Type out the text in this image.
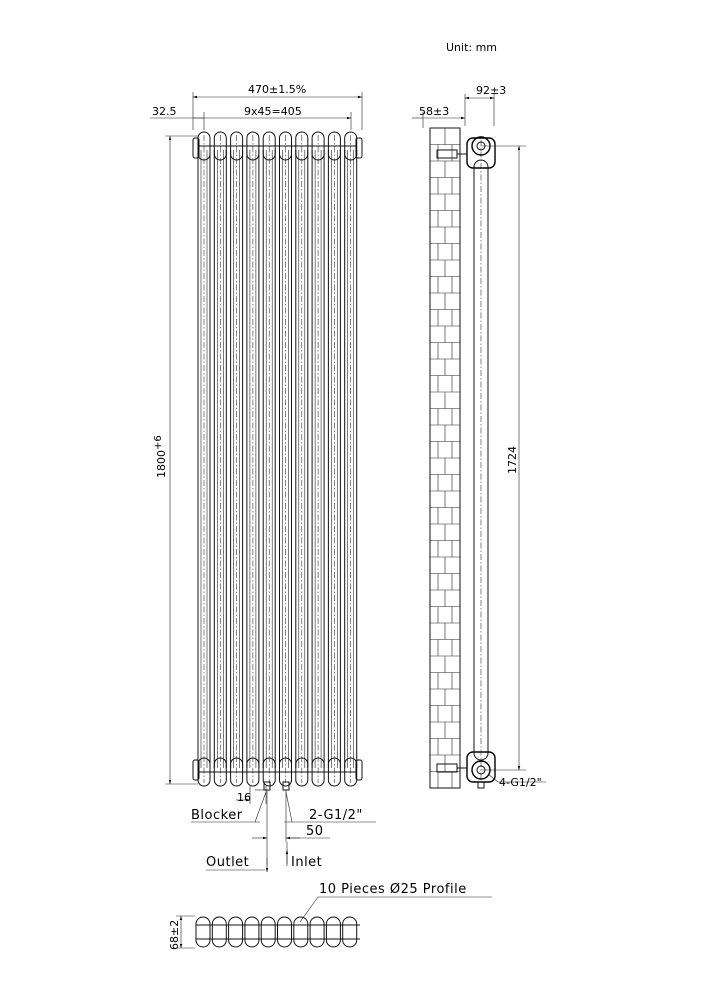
Unit: mm
470±1.5%
9x45=405
32.5
1800+6
16
Blocker	2-G1/2"
50
Outlet	Inlet
92±3
58±3
1724
4-G1/2"
10 Pieces Ø25 Profile
68±2
